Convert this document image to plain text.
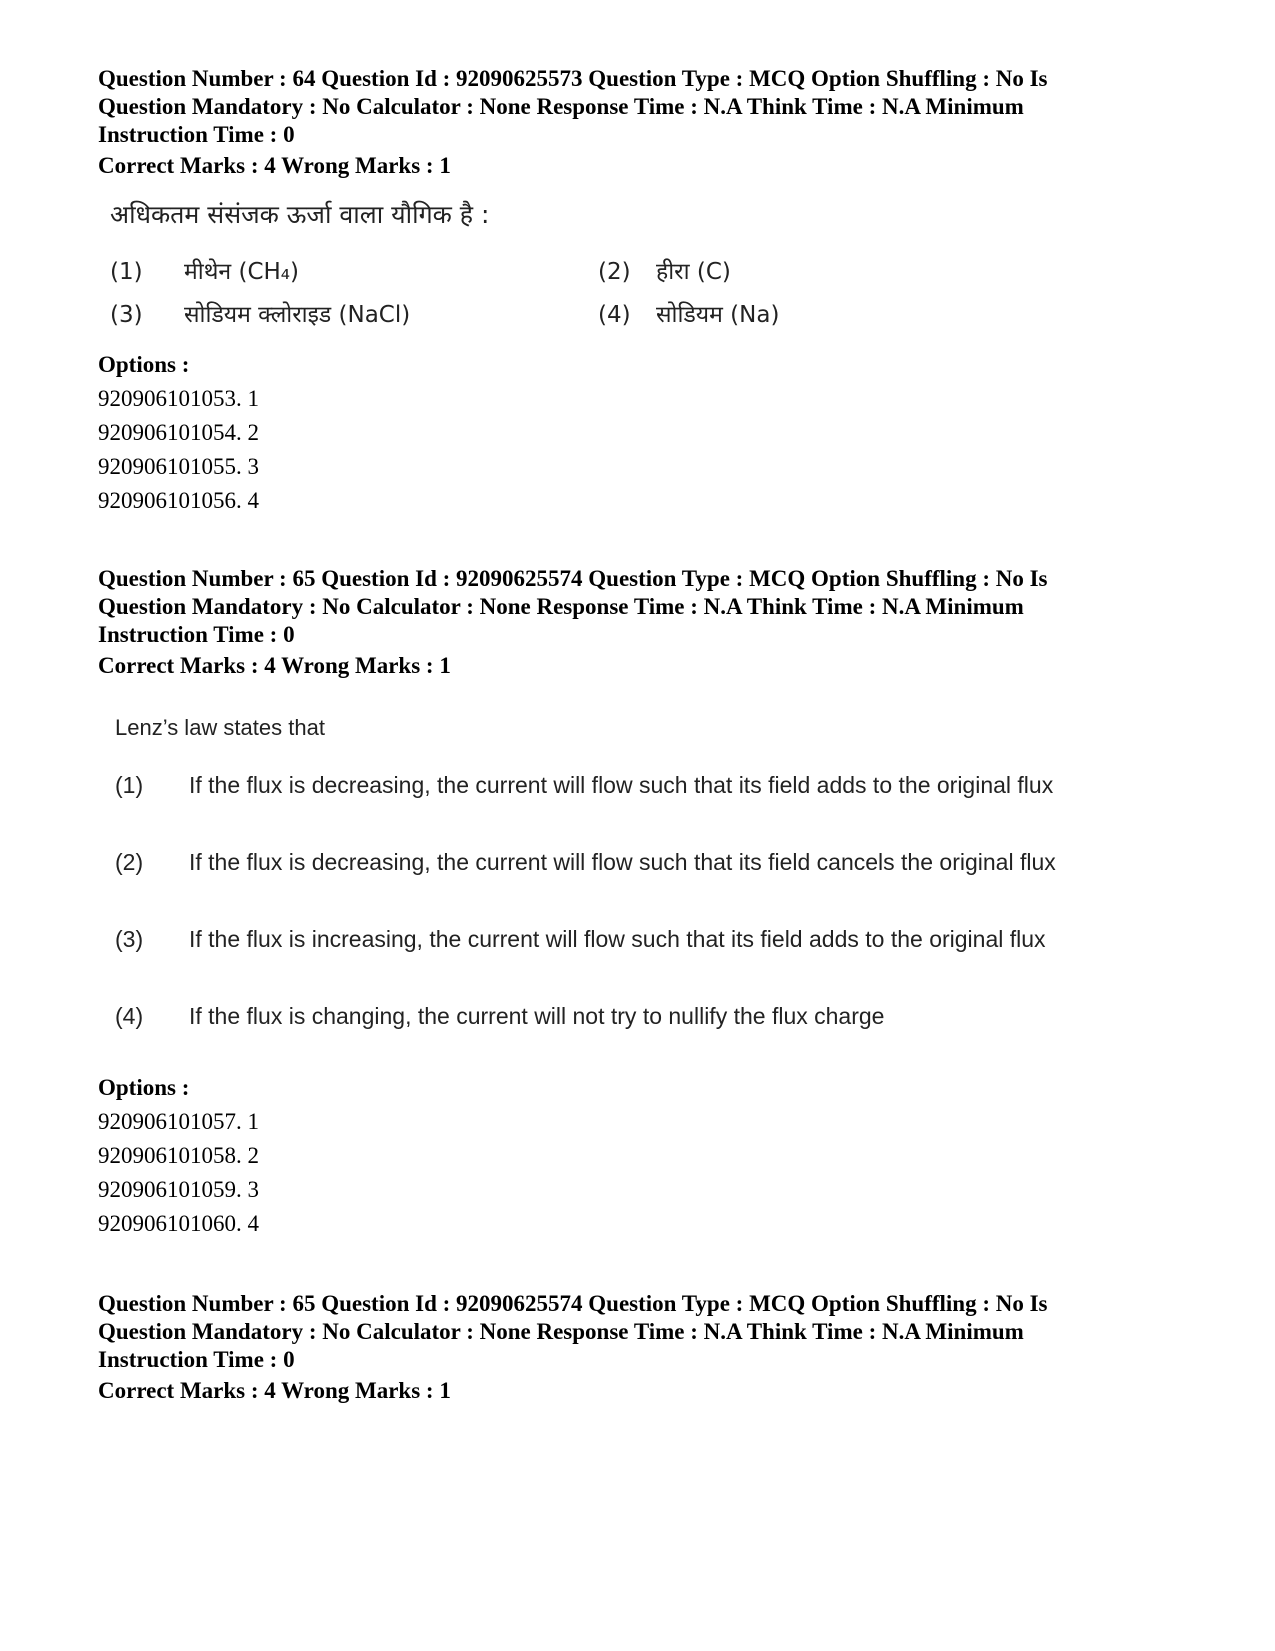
Question Number : 64 Question Id : 92090625573 Question Type : MCQ Option Shuffling : No Is
Question Mandatory : No Calculator : None Response Time : N.A Think Time : N.A Minimum
Instruction Time : 0
Correct Marks : 4 Wrong Marks : 1
अधिकतम संसंजक ऊर्जा वाला यौगिक है :
(1) मीथेन (CH₄)	(2) हीरा (C)
(3) सोडियम क्लोराइड (NaCl)	(4) सोडियम (Na)
Options :
920906101053. 1
920906101054. 2
920906101055. 3
920906101056. 4
Question Number : 65 Question Id : 92090625574 Question Type : MCQ Option Shuffling : No Is
Question Mandatory : No Calculator : None Response Time : N.A Think Time : N.A Minimum
Instruction Time : 0
Correct Marks : 4 Wrong Marks : 1
Lenz’s law states that
(1)	If the flux is decreasing, the current will flow such that its field adds to the original flux
(2)	If the flux is decreasing, the current will flow such that its field cancels the original flux
(3)	If the flux is increasing, the current will flow such that its field adds to the original flux
(4)	If the flux is changing, the current will not try to nullify the flux charge
Options :
920906101057. 1
920906101058. 2
920906101059. 3
920906101060. 4
Question Number : 65 Question Id : 92090625574 Question Type : MCQ Option Shuffling : No Is
Question Mandatory : No Calculator : None Response Time : N.A Think Time : N.A Minimum
Instruction Time : 0
Correct Marks : 4 Wrong Marks : 1
